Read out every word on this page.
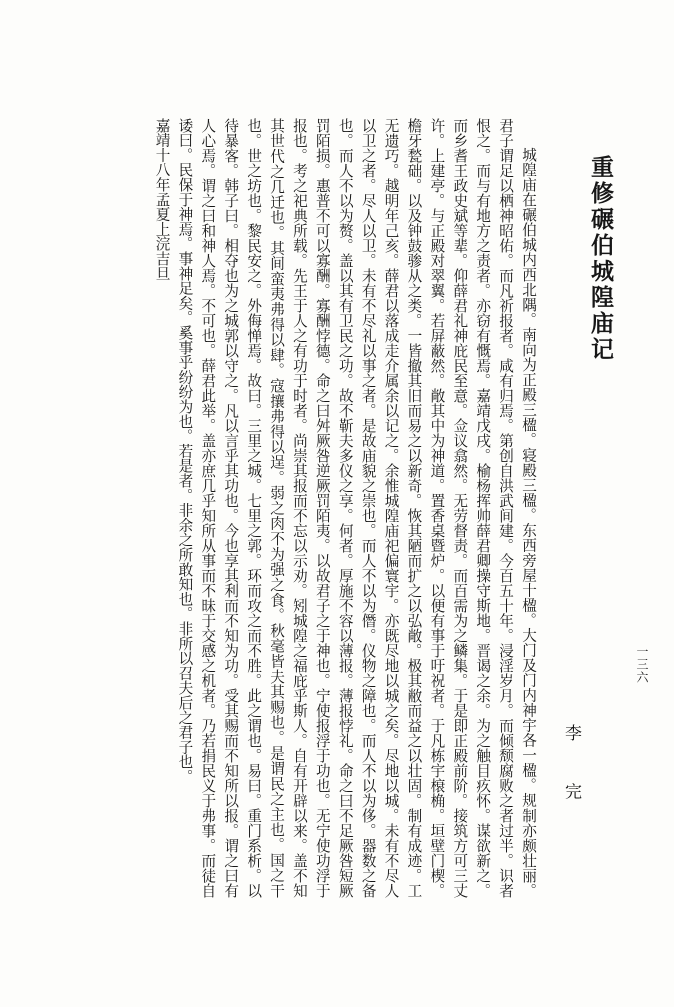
重修碾伯城隍庙记
李 完
一三六

城隍庙在碾伯城内西北隅。南向为正殿三楹。寝殿三楹。东西旁屋十楹。大门及门内神宇各一楹。规制亦颇壮丽。君子谓足以栖神昭佑。而凡祈报者。咸有归焉。第创自洪武间建。今百五十年。浸淫岁月。而倾颓腐败之者过半。识者恨之。而与有地方之责者。亦窃有慨焉。嘉靖戊戌。榆杨挥帅薛君卿操守斯地。晋谒之余。为之触目疚怀。谋欲新之。而乡耆王政史斌等辈。仰薛君礼神庇民至意。佥议翕然。无劳督责。而百需为之鳞集。于是即正殿前阶。接筑方可三丈许。上建亭。与正殿对翠翼。若屏蔽然。敞其中为神道。置香桌暨炉。以便有事于吁祝者。于凡栋宇榱桷。垣壁门楔。檐牙甃础。以及钟鼓骖从之类。一皆撤其旧而易之以新奇。恢其陋而扩之以弘敞。极其敝而益之以壮固。制有成迹。工无遗巧。越明年己亥。薛君以落成走介属余以记之。余惟城隍庙祀偏寰宇。亦既尽地以城之矣。尽地以城。未有不尽人以卫之者。尽人以卫。未有不尽礼以事之者。是故庙貌之崇也。而人不以为僭。仪物之障也。而人不以为侈。器数之备也。而人不以为赘。盖以其有卫民之功。故不靳夫多仪之享。何者。厚施不容以薄报。薄报悖礼。命之曰不足厥咎短厥罚陌损。惠普不可以寡酬。寡酬悖德。命之曰舛厥咎逆厥罚陌夷。以故君子之于神也。宁使报浮于功也。无宁使功浮于报也。考之祀典所载。先王于人之有功于时者。尚崇其报而不忘以示劝。矧城隍之福庇乎斯人。自有开辟以来。盖不知其世代之几迁也。其间蛮夷弗得以肆。寇攘弗得以逞。弱之肉不为强之食。秋毫皆夫其赐也。是谓民之主也。国之干也。世之坊也。黎民安之。外侮惮焉。故曰。三里之城。七里之郭。环而攻之而不胜。此之谓也。易曰。重门系析。以待暴客。韩子曰。相夺也为之城郭以守之。凡以言乎其功也。今也享其利而不知为功。受其赐而不知所以报。谓之曰有人心焉。谓之曰和神人焉。不可也。薛君此举。盖亦庶几乎知所从事而不昧于交感之机者。乃若捐民义于弗事。而徒自诿曰。民保于神焉。事神足矣。奚事乎纷纷为也。若是者。非余之所敢知也。非所以召夫后之君子也。

嘉靖十八年孟夏上浣吉旦
